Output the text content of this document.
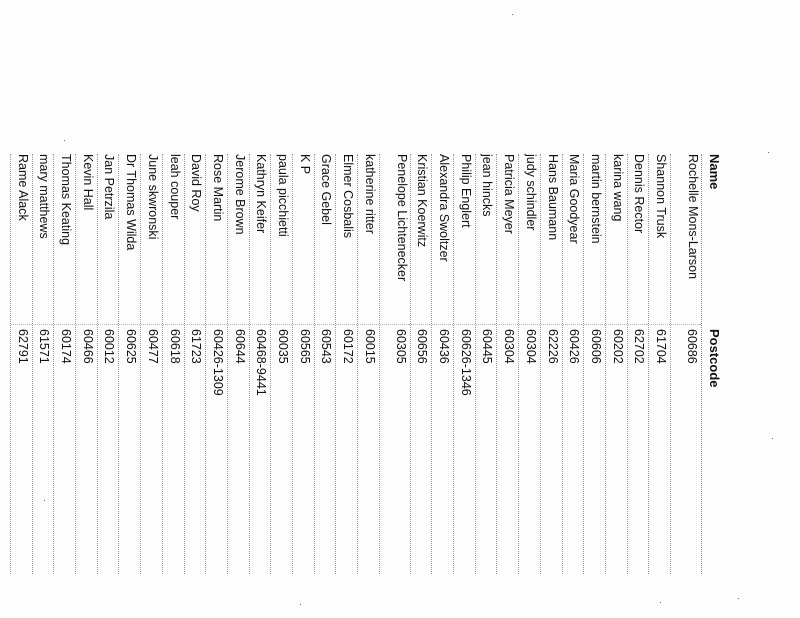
Name
Postcode
Rochelle Mons-Larson
60686
Shannon Trusk
61704
Dennis Rector
62702
karina wang
60202
martin bernstein
60606
Maria Goodyear
60426
Hans Baumann
62226
judy schindler
60304
Patricia Meyer
60304
jean hincks
60445
Philip Englert
60626-1346
Alexandra Swoltzer
60436
Kristian Koerwitz
60656
Penelope Lichtenecker
60305
katherine ritter
60015
Elmer Cosbalis
60172
Grace Gebel
60543
K P
60565
paula picchietti
60035
Kathryn Keifer
60468-9441
Jerome Brown
60644
Rose Martin
60426-1309
David Roy
61723
leah couper
60618
June skwronski
60477
Dr Thomas Wilda
60625
Jan Petrzila
60012
Kevin Hall
60466
Thomas Keating
60174
mary matthews
61571
Rame Alack
62791
